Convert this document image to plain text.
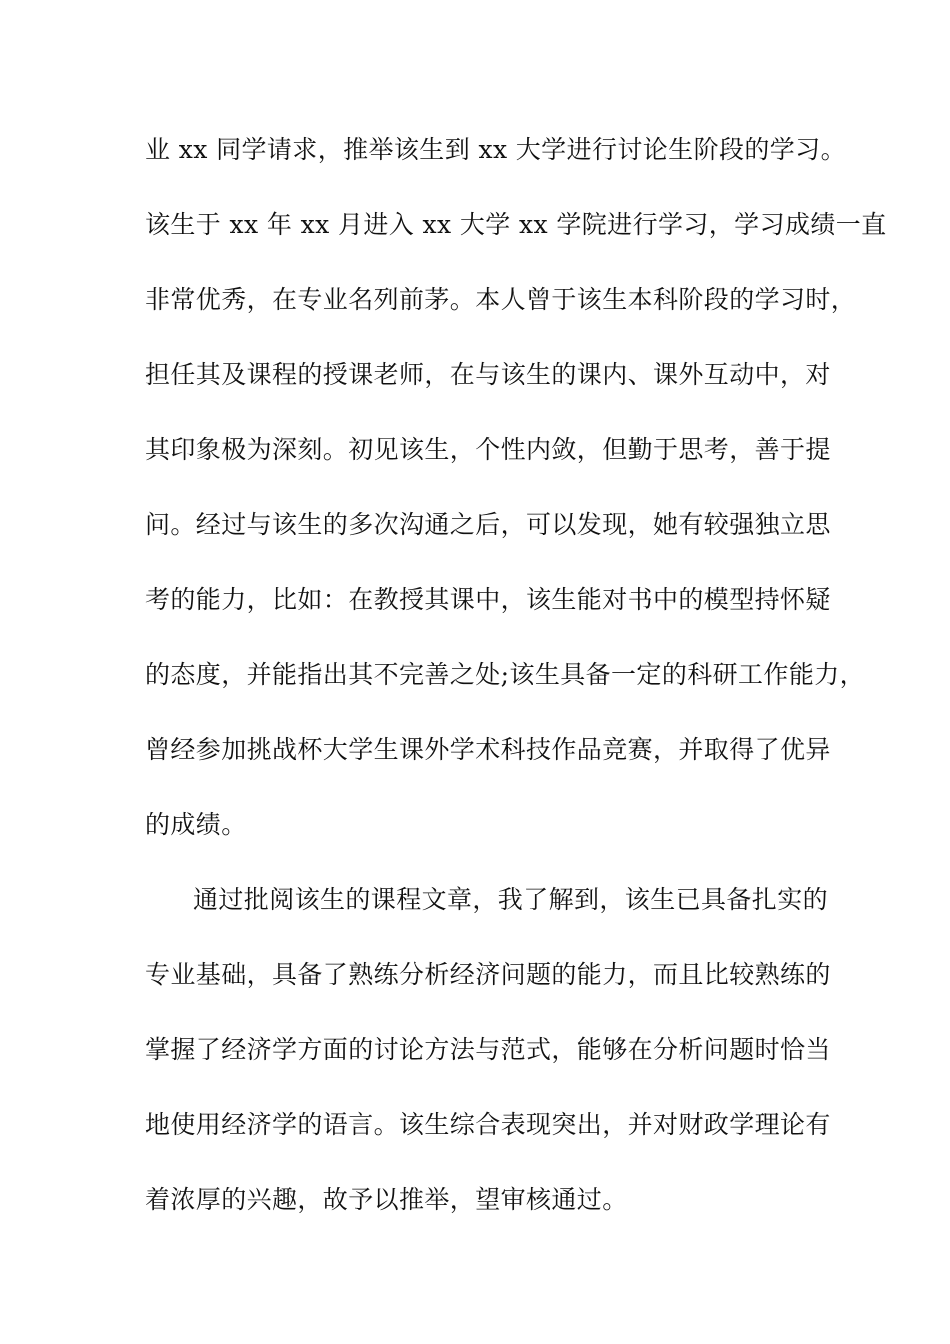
业 xx 同学请求，推举该生到 xx 大学进行讨论生阶段的学习。
该生于 xx 年 xx 月进入 xx 大学 xx 学院进行学习，学习成绩一直
非常优秀，在专业名列前茅。本人曾于该生本科阶段的学习时，
担任其及课程的授课老师，在与该生的课内、课外互动中，对
其印象极为深刻。初见该生，个性内敛，但勤于思考，善于提
问。经过与该生的多次沟通之后，可以发现，她有较强独立思
考的能力，比如：在教授其课中，该生能对书中的模型持怀疑
的态度，并能指出其不完善之处;该生具备一定的科研工作能力，
曾经参加挑战杯大学生课外学术科技作品竞赛，并取得了优异
的成绩。
通过批阅该生的课程文章，我了解到，该生已具备扎实的
专业基础，具备了熟练分析经济问题的能力，而且比较熟练的
掌握了经济学方面的讨论方法与范式，能够在分析问题时恰当
地使用经济学的语言。该生综合表现突出，并对财政学理论有
着浓厚的兴趣，故予以推举，望审核通过。
